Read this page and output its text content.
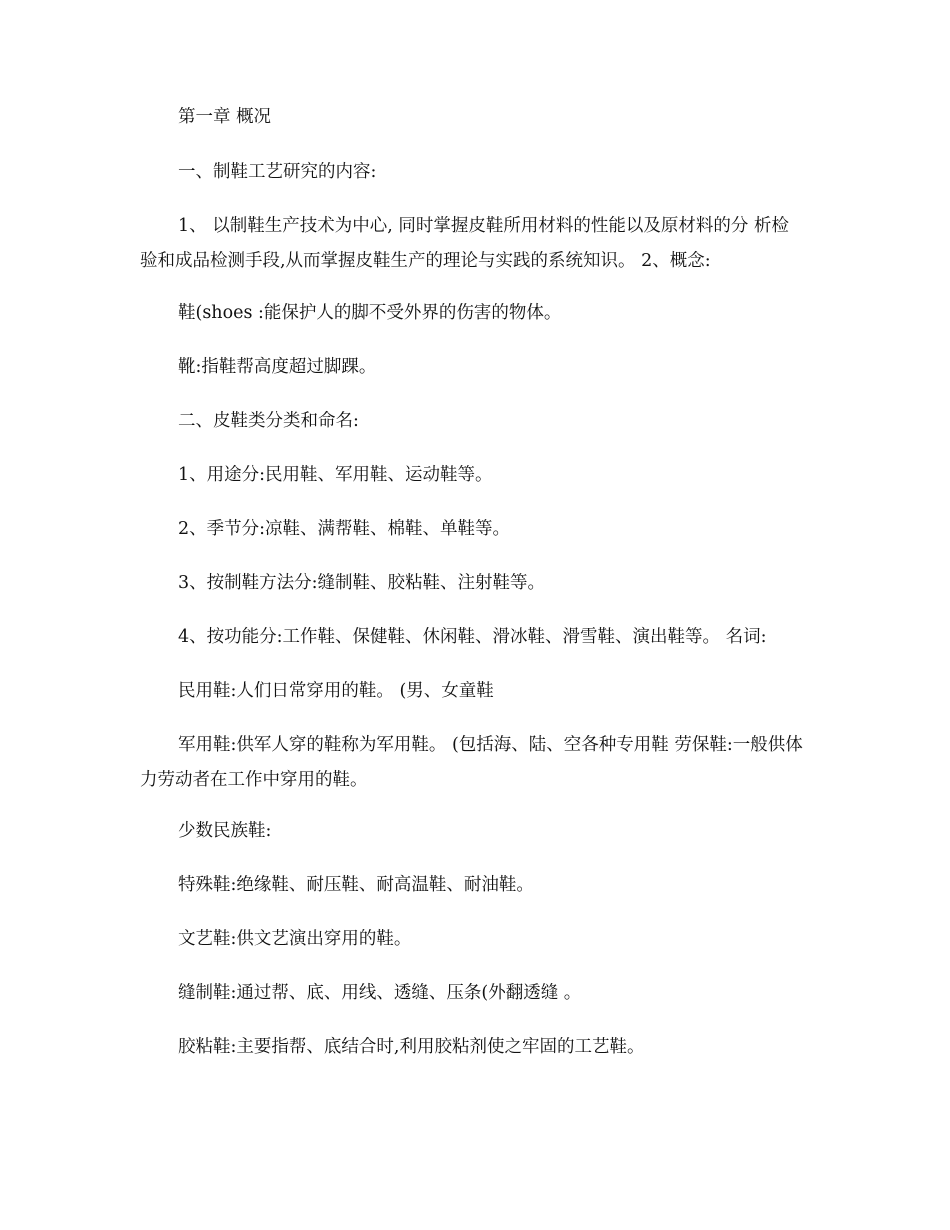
第一章 概况

一、制鞋工艺研究的内容:

1、 以制鞋生产技术为中心, 同时掌握皮鞋所用材料的性能以及原材料的分 析检验和成品检测手段,从而掌握皮鞋生产的理论与实践的系统知识。 2、概念:

鞋(shoes :能保护人的脚不受外界的伤害的物体。

靴:指鞋帮高度超过脚踝。

二、皮鞋类分类和命名:

1、用途分:民用鞋、军用鞋、运动鞋等。

2、季节分:凉鞋、满帮鞋、棉鞋、单鞋等。

3、按制鞋方法分:缝制鞋、胶粘鞋、注射鞋等。

4、按功能分:工作鞋、保健鞋、休闲鞋、滑冰鞋、滑雪鞋、演出鞋等。 名词:

民用鞋:人们日常穿用的鞋。 (男、女童鞋

军用鞋:供军人穿的鞋称为军用鞋。 (包括海、陆、空各种专用鞋 劳保鞋:一般供体力劳动者在工作中穿用的鞋。

少数民族鞋:

特殊鞋:绝缘鞋、耐压鞋、耐高温鞋、耐油鞋。

文艺鞋:供文艺演出穿用的鞋。

缝制鞋:通过帮、底、用线、透缝、压条(外翻透缝 。

胶粘鞋:主要指帮、底结合时,利用胶粘剂使之牢固的工艺鞋。
